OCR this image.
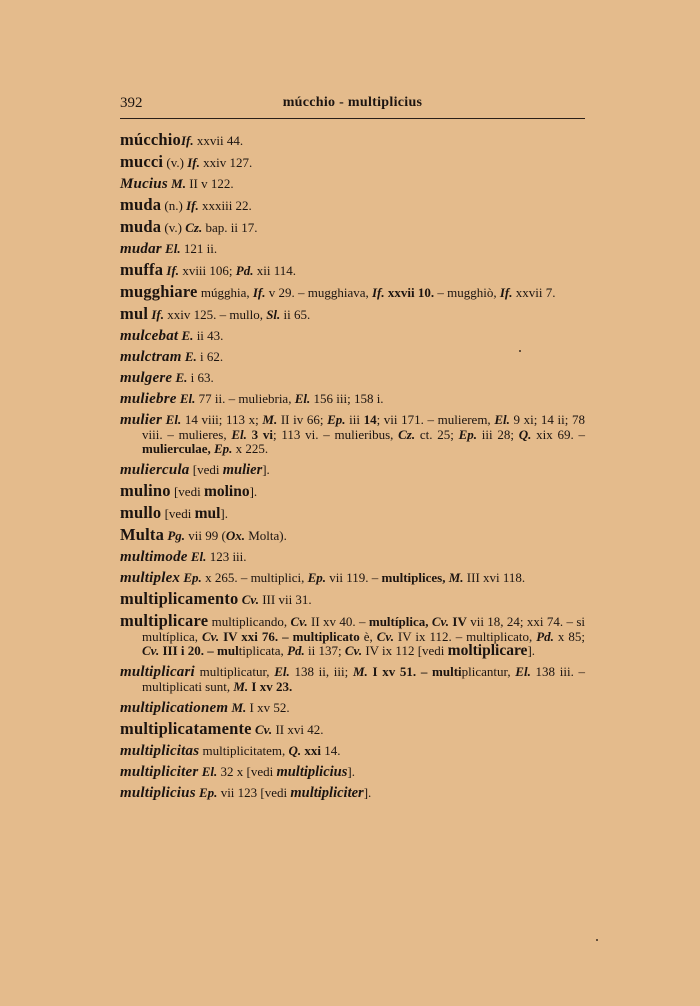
392	múcchio - multiplicius
múcchioIf. xxvii 44.
mucci (v.) If. xxiv 127.
Mucius M. II v 122.
muda (n.) If. xxxiii 22.
muda (v.) Cz. bap. ii 17.
mudar El. 121 ii.
muffa If. xviii 106; Pd. xii 114.
mugghiare múgghia, If. v 29. – mugghiava, If. xxvii 10. – mugghiò, If. xxvii 7.
mul If. xxiv 125. – mullo, Sl. ii 65.
mulcebat E. ii 43.
mulctram E. i 62.
mulgere E. i 63.
muliebre El. 77 ii. – muliebria, El. 156 iii; 158 i.
mulier El. 14 viii; 113 x; M. II iv 66; Ep. iii 14; vii 171. – mulierem, El. 9 xi; 14 ii; 78 viii. – mulieres, El. 3 vi; 113 vi. – mulieribus, Cz. ct. 25; Ep. iii 28; Q. xix 69. – mulierculae, Ep. x 225.
muliercula [vedi mulier].
mulino [vedi molino].
mullo [vedi mul].
Multa Pg. vii 99 (Ox. Molta).
multimode El. 123 iii.
multiplex Ep. x 265. – multiplici, Ep. vii 119. – multiplices, M. III xvi 118.
multiplicamento Cv. III vii 31.
multiplicare multiplicando, Cv. II xv 40. – multíplica, Cv. IV vii 18, 24; xxi 74. – si multíplica, Cv. IV xxi 76. – multiplicato è, Cv. IV ix 112. – multiplicato, Pd. x 85; Cv. III i 20. – multiplicata, Pd. ii 137; Cv. IV ix 112 [vedi moltiplicare].
multiplicari multiplicatur, El. 138 ii, iii; M. I xv 51. – multiplicantur, El. 138 iii. – multiplicati sunt, M. I xv 23.
multiplicationem M. I xv 52.
multiplicatamente Cv. II xvi 42.
multiplicitas multiplicitatem, Q. xxi 14.
multipliciter El. 32 x [vedi multiplicius].
multiplicius Ep. vii 123 [vedi multipliciter].
